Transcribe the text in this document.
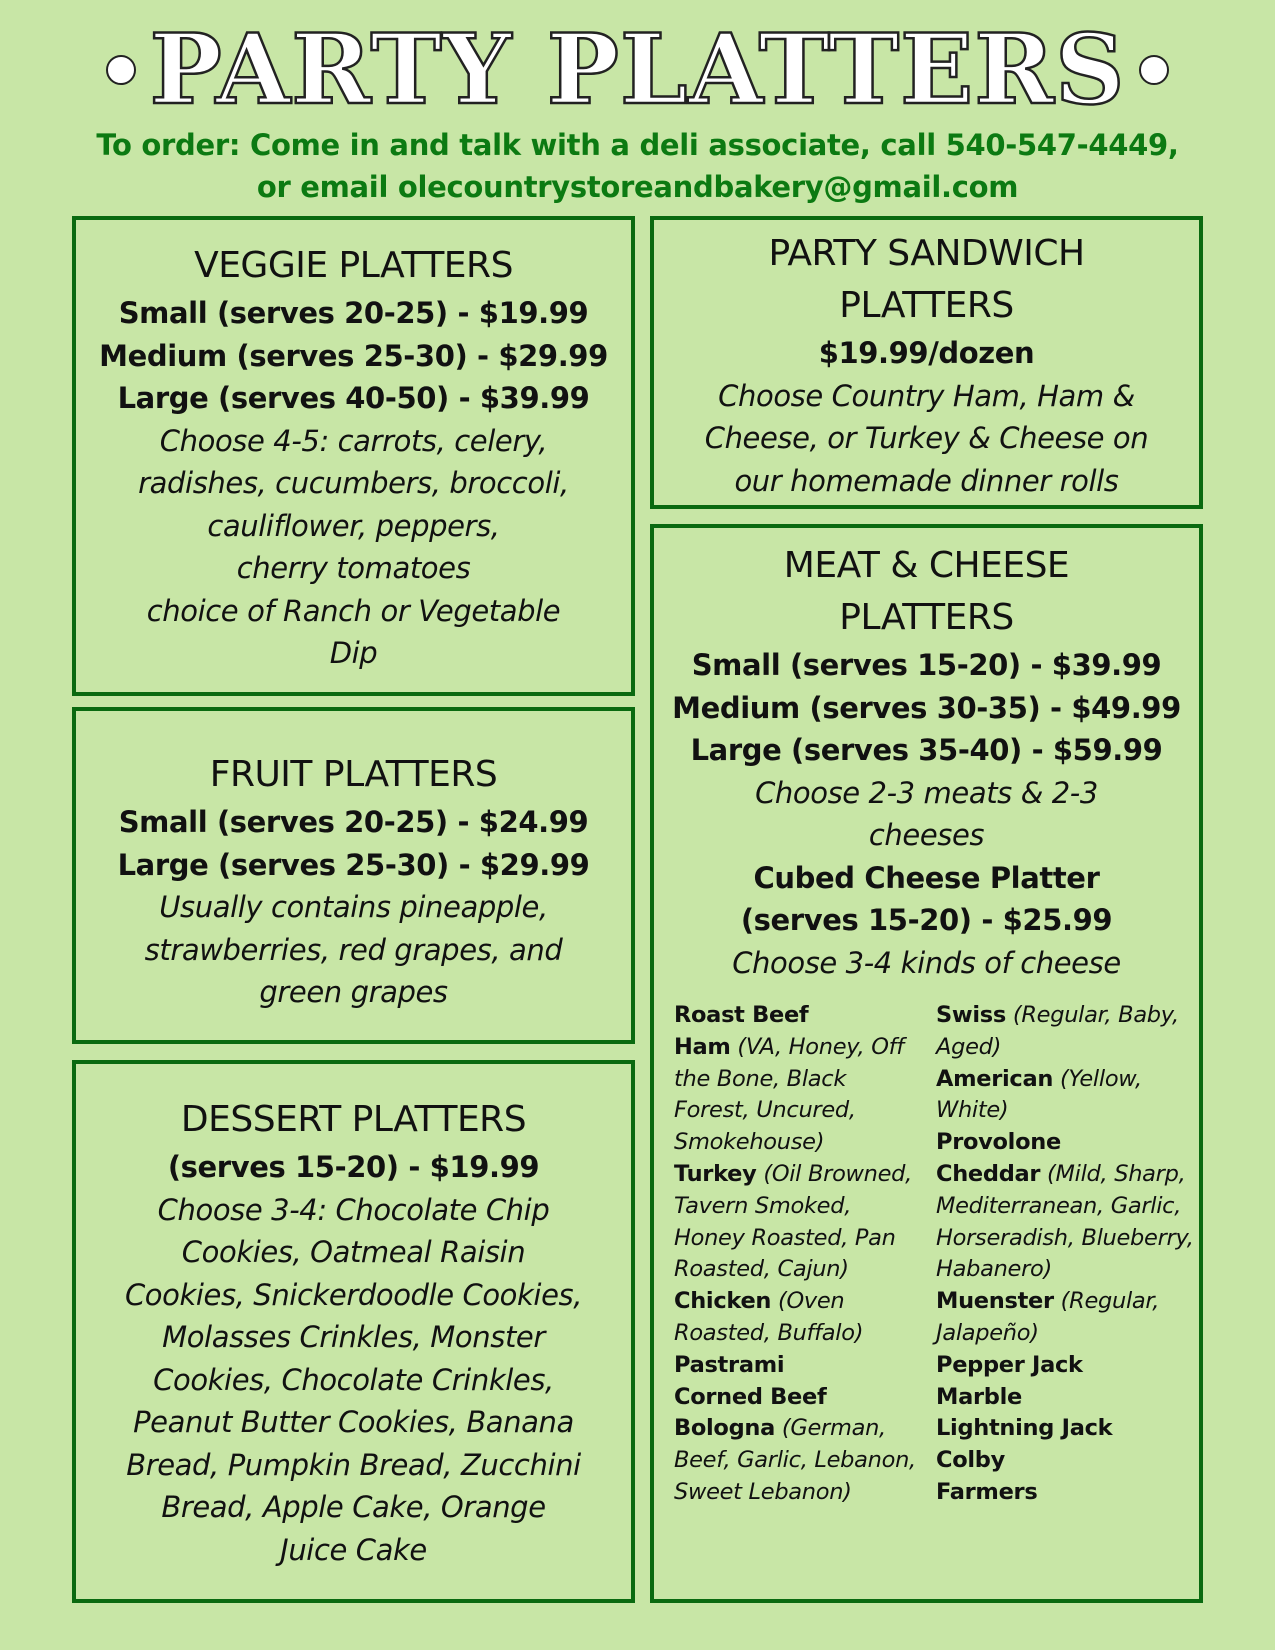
PARTY PLATTERS
To order: Come in and talk with a deli associate, call 540-547-4449,
or email olecountrystoreandbakery@gmail.com
VEGGIE PLATTERS
Small (serves 20-25) - $19.99
Medium (serves 25-30) - $29.99
Large (serves 40-50) - $39.99
Choose 4-5: carrots, celery,
radishes, cucumbers, broccoli,
cauliflower, peppers,
cherry tomatoes
choice of Ranch or Vegetable
Dip
FRUIT PLATTERS
Small (serves 20-25) - $24.99
Large (serves 25-30) - $29.99
Usually contains pineapple,
strawberries, red grapes, and
green grapes
DESSERT PLATTERS
(serves 15-20) - $19.99
Choose 3-4: Chocolate Chip
Cookies, Oatmeal Raisin
Cookies, Snickerdoodle Cookies,
Molasses Crinkles, Monster
Cookies, Chocolate Crinkles,
Peanut Butter Cookies, Banana
Bread, Pumpkin Bread, Zucchini
Bread, Apple Cake, Orange
Juice Cake
PARTY SANDWICH
PLATTERS
$19.99/dozen
Choose Country Ham, Ham &
Cheese, or Turkey & Cheese on
our homemade dinner rolls
MEAT & CHEESE
PLATTERS
Small (serves 15-20) - $39.99
Medium (serves 30-35) - $49.99
Large (serves 35-40) - $59.99
Choose 2-3 meats & 2-3
cheeses
Cubed Cheese Platter
(serves 15-20) - $25.99
Choose 3-4 kinds of cheese
Roast Beef
Ham (VA, Honey, Off the Bone, Black Forest, Uncured, Smokehouse)
Turkey (Oil Browned, Tavern Smoked, Honey Roasted, Pan Roasted, Cajun)
Chicken (Oven Roasted, Buffalo)
Pastrami
Corned Beef
Bologna (German, Beef, Garlic, Lebanon, Sweet Lebanon)
Swiss (Regular, Baby, Aged)
American (Yellow, White)
Provolone
Cheddar (Mild, Sharp, Mediterranean, Garlic, Horseradish, Blueberry, Habanero)
Muenster (Regular, Jalapeño)
Pepper Jack
Marble
Lightning Jack
Colby
Farmers
